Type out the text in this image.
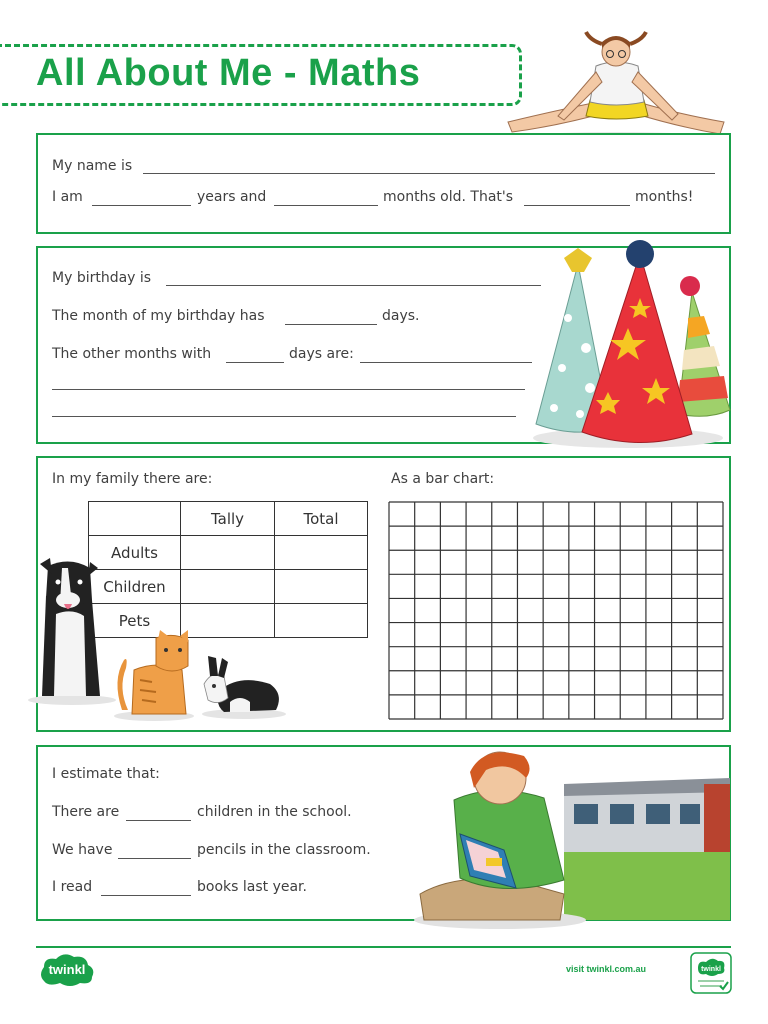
All About Me - Maths
My name is
I am	years and	months old. That's	months!
My birthday is
The month of my birthday has	days.
The other months with	days are:
In my family there are:	As a bar chart:
	Tally	Total
Adults		
Children		
Pets		
I estimate that:
There are	children in the school.
We have	pencils in the classroom.
I read	books last year.
twinkl	visit twinkl.com.au	twinkl
